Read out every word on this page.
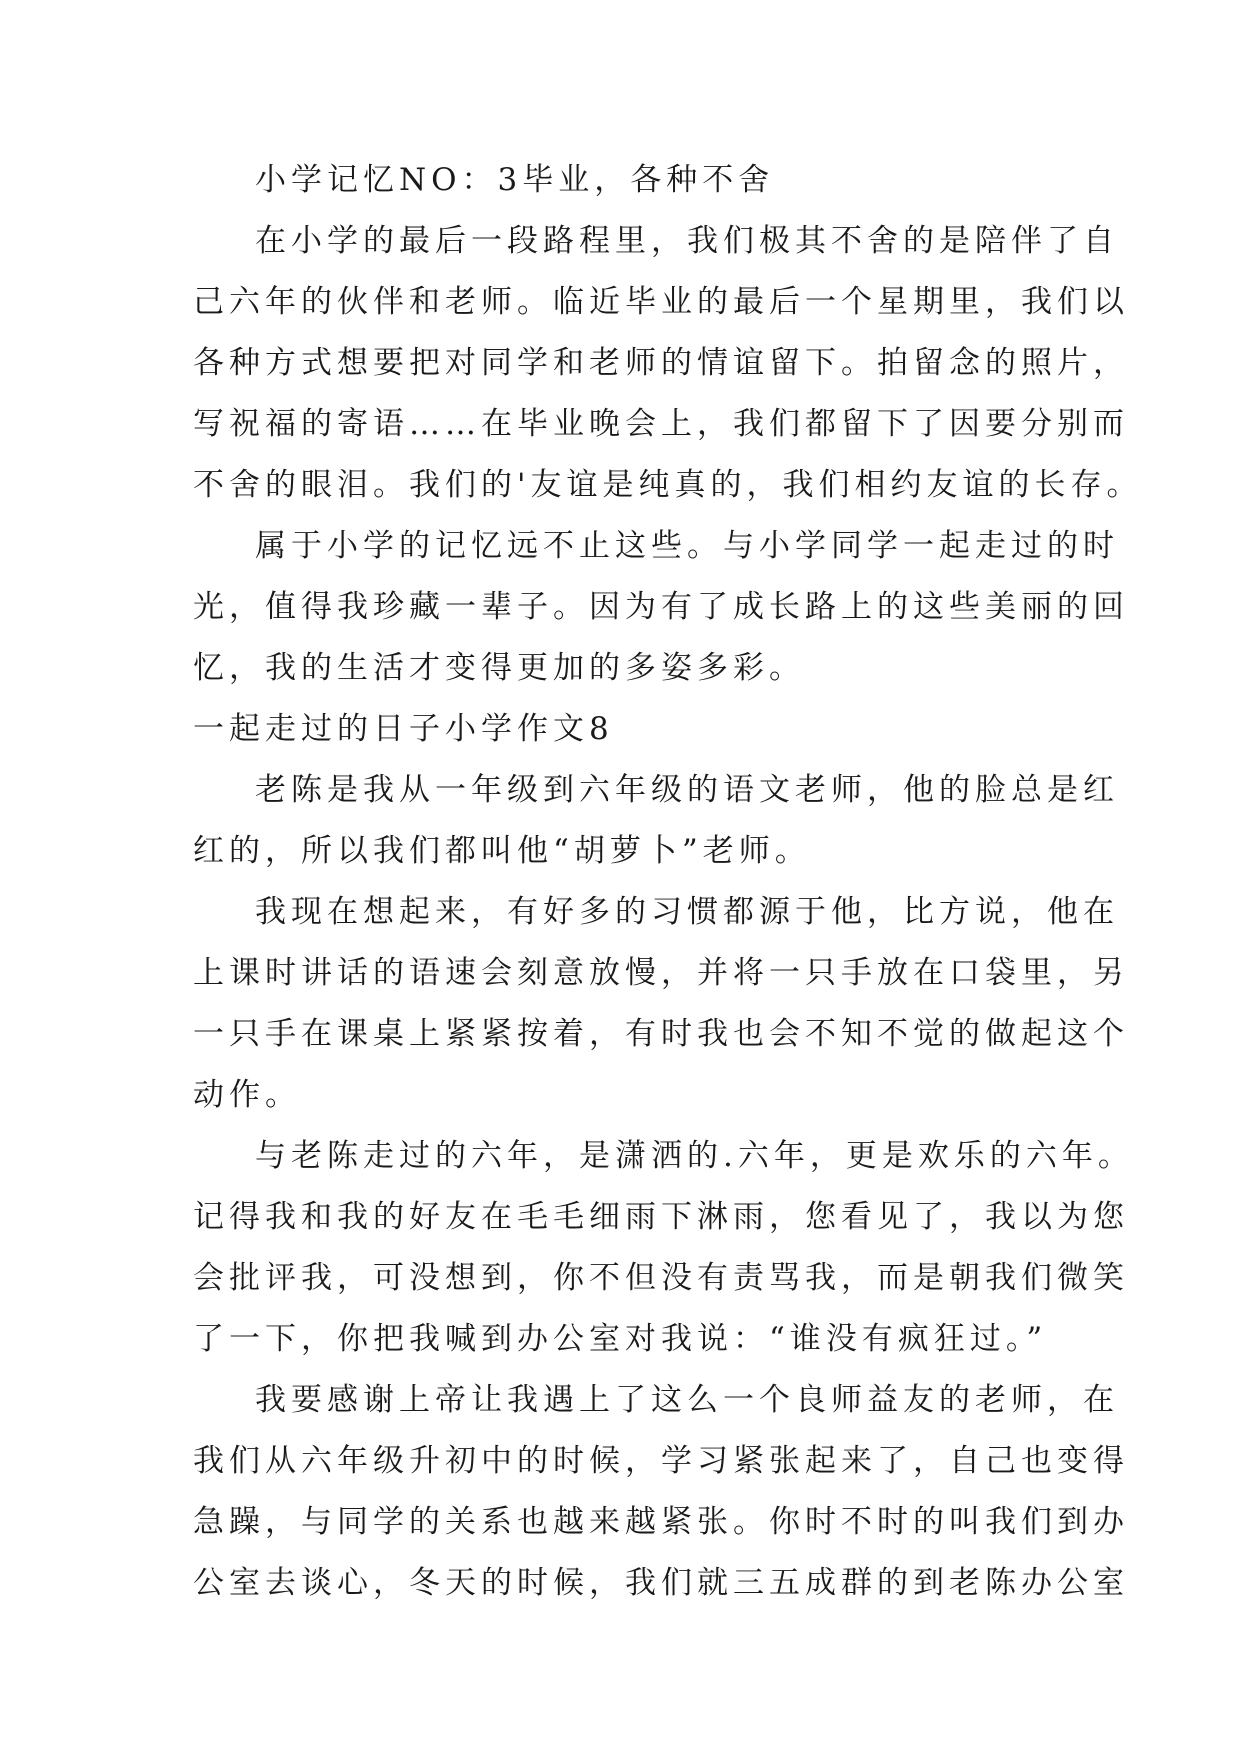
小学记忆NO：3毕业，各种不舍
在小学的最后一段路程里，我们极其不舍的是陪伴了自
己六年的伙伴和老师。临近毕业的最后一个星期里，我们以
各种方式想要把对同学和老师的情谊留下。拍留念的照片，
写祝福的寄语……在毕业晚会上，我们都留下了因要分别而
不舍的眼泪。我们的'友谊是纯真的，我们相约友谊的长存。
属于小学的记忆远不止这些。与小学同学一起走过的时
光，值得我珍藏一辈子。因为有了成长路上的这些美丽的回
忆，我的生活才变得更加的多姿多彩。
一起走过的日子小学作文8
老陈是我从一年级到六年级的语文老师，他的脸总是红
红的，所以我们都叫他“胡萝卜”老师。
我现在想起来，有好多的习惯都源于他，比方说，他在
上课时讲话的语速会刻意放慢，并将一只手放在口袋里，另
一只手在课桌上紧紧按着，有时我也会不知不觉的做起这个
动作。
与老陈走过的六年，是潇洒的.六年，更是欢乐的六年。
记得我和我的好友在毛毛细雨下淋雨，您看见了，我以为您
会批评我，可没想到，你不但没有责骂我，而是朝我们微笑
了一下，你把我喊到办公室对我说：“谁没有疯狂过。”
我要感谢上帝让我遇上了这么一个良师益友的老师，在
我们从六年级升初中的时候，学习紧张起来了，自己也变得
急躁，与同学的关系也越来越紧张。你时不时的叫我们到办
公室去谈心，冬天的时候，我们就三五成群的到老陈办公室
